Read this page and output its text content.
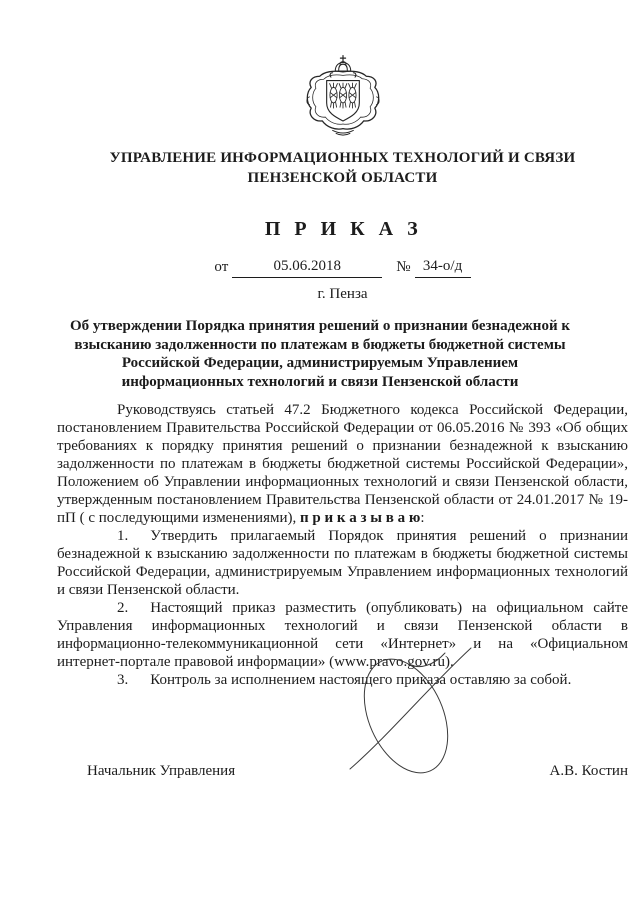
УПРАВЛЕНИЕ ИНФОРМАЦИОННЫХ ТЕХНОЛОГИЙ И СВЯЗИ
ПЕНЗЕНСКОЙ ОБЛАСТИ
П Р И К А З
от	05.06.2018	№ 34-о/д
г. Пенза
Об утверждении Порядка принятия решений о признании безнадежной к взысканию задолженности по платежам в бюджеты бюджетной системы Российской Федерации, администрируемым Управлением информационных технологий и связи Пензенской области

Руководствуясь статьей 47.2 Бюджетного кодекса Российской Федерации, постановлением Правительства Российской Федерации от 06.05.2016 № 393 «Об общих требованиях к порядку принятия решений о признании безнадежной к взысканию задолженности по платежам в бюджеты бюджетной системы Российской Федерации», Положением об Управлении информационных технологий и связи Пензенской области, утвержденным постановлением Правительства Пензенской области от 24.01.2017 № 19-пП ( с последующими изменениями), п р и к а з ы в а ю:

1. Утвердить прилагаемый Порядок принятия решений о признании безнадежной к взысканию задолженности по платежам в бюджеты бюджетной системы Российской Федерации, администрируемым Управлением информационных технологий и связи Пензенской области.

2. Настоящий приказ разместить (опубликовать) на официальном сайте Управления информационных технологий и связи Пензенской области в информационно-телекоммуникационной сети «Интернет» и на «Официальном интернет-портале правовой информации» (www.pravo.gov.ru).

3. Контроль за исполнением настоящего приказа оставляю за собой.

Начальник Управления	А.В. Костин
